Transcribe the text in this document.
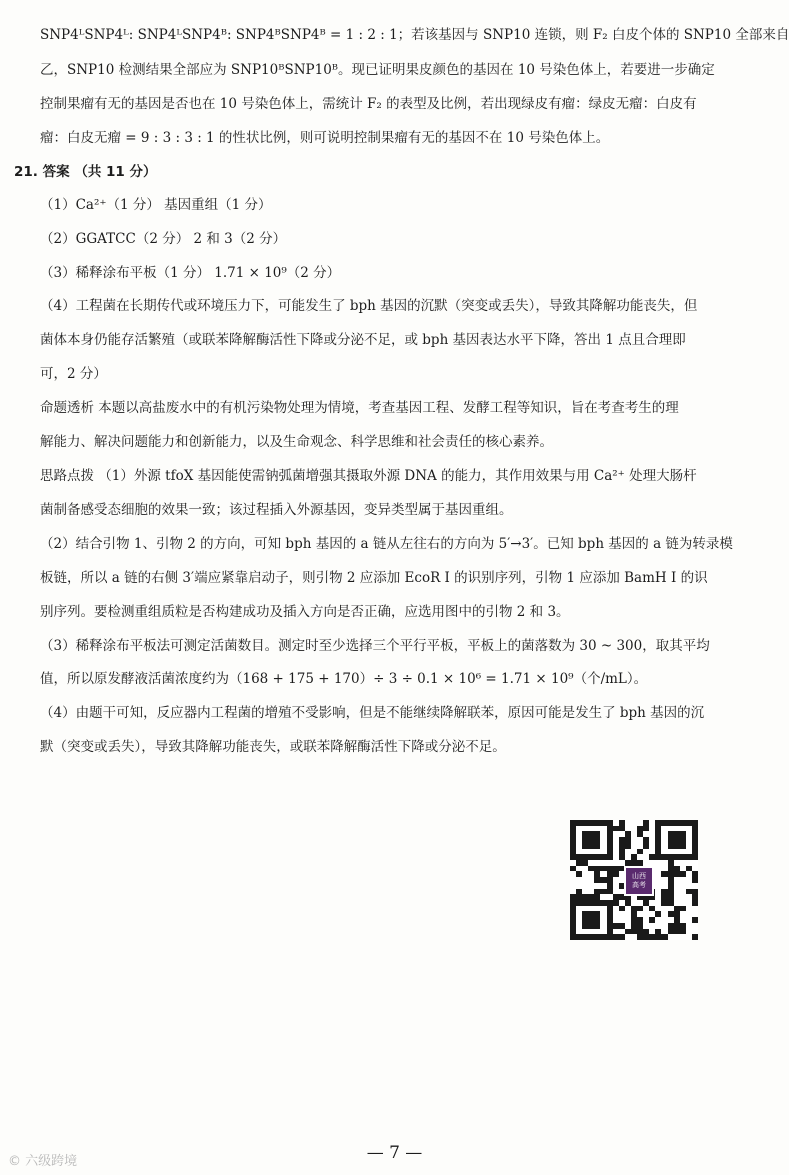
SNP4ᴸSNP4ᴸ: SNP4ᴸSNP4ᴮ: SNP4ᴮSNP4ᴮ = 1 : 2 : 1；若该基因与 SNP10 连锁，则 F₂ 白皮个体的 SNP10 全部来自
乙，SNP10 检测结果全部应为 SNP10ᴮSNP10ᴮ。现已证明果皮颜色的基因在 10 号染色体上，若要进一步确定
控制果瘤有无的基因是否也在 10 号染色体上，需统计 F₂ 的表型及比例，若出现绿皮有瘤：绿皮无瘤：白皮有
瘤：白皮无瘤 = 9 : 3 : 3 : 1 的性状比例，则可说明控制果瘤有无的基因不在 10 号染色体上。
21. 答案 （共 11 分）
（1）Ca²⁺（1 分） 基因重组（1 分）
（2）GGATCC（2 分） 2 和 3（2 分）
（3）稀释涂布平板（1 分） 1.71 × 10⁹（2 分）
（4）工程菌在长期传代或环境压力下，可能发生了 bph 基因的沉默（突变或丢失），导致其降解功能丧失，但
菌体本身仍能存活繁殖（或联苯降解酶活性下降或分泌不足，或 bph 基因表达水平下降，答出 1 点且合理即
可，2 分）
命题透析 本题以高盐废水中的有机污染物处理为情境，考查基因工程、发酵工程等知识，旨在考查考生的理
解能力、解决问题能力和创新能力，以及生命观念、科学思维和社会责任的核心素养。
思路点拨 （1）外源 tfoX 基因能使需钠弧菌增强其摄取外源 DNA 的能力，其作用效果与用 Ca²⁺ 处理大肠杆
菌制备感受态细胞的效果一致；该过程插入外源基因，变异类型属于基因重组。
（2）结合引物 1、引物 2 的方向，可知 bph 基因的 a 链从左往右的方向为 5′→3′。已知 bph 基因的 a 链为转录模
板链，所以 a 链的右侧 3′端应紧靠启动子，则引物 2 应添加 EcoR Ⅰ 的识别序列，引物 1 应添加 BamH Ⅰ 的识
别序列。要检测重组质粒是否构建成功及插入方向是否正确，应选用图中的引物 2 和 3。
（3）稀释涂布平板法可测定活菌数目。测定时至少选择三个平行平板，平板上的菌落数为 30 ~ 300，取其平均
值，所以原发酵液活菌浓度约为（168 + 175 + 170）÷ 3 ÷ 0.1 × 10⁶ = 1.71 × 10⁹（个/mL）。
（4）由题干可知，反应器内工程菌的增殖不受影响，但是不能继续降解联苯，原因可能是发生了 bph 基因的沉
默（突变或丢失），导致其降解功能丧失，或联苯降解酶活性下降或分泌不足。
山西
高考
— 7 —
© 六级跨境
